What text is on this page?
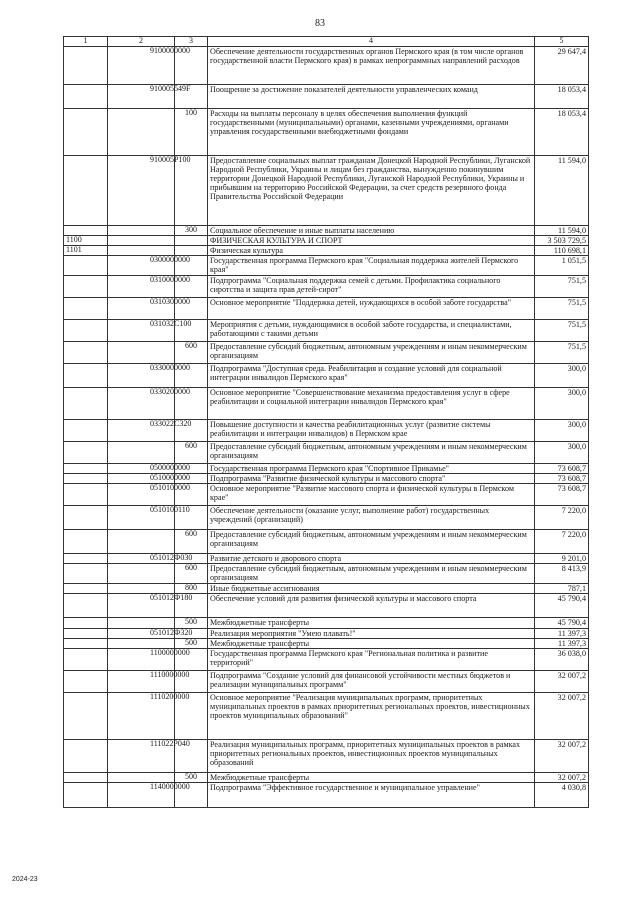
83
1	2	3	4	5
	9100000000		Обеспечение деятельности государственных органов Пермского края (в том числе органов государственной власти Пермского края) в рамках непрограммных направлений расходов	29 647,4
	910005549F		Поощрение за достижение показателей деятельности управленческих команд	18 053,4
		100	Расходы на выплаты персоналу в целях обеспечения выполнения функций государственными (муниципальными) органами, казенными учреждениями, органами управления государственными внебюджетными фондами	18 053,4
	910005P100		Предоставление социальных выплат гражданам Донецкой Народной Республики, Луганской Народной Республики, Украины и лицам без гражданства, вынужденно покинувшим территории Донецкой Народной Республики, Луганской Народной Республики, Украины и прибывшим на территорию Российской Федерации, за счет средств резервного фонда Правительства Российской Федерации	11 594,0
		300	Социальное обеспечение и иные выплаты населению	11 594,0
1100			ФИЗИЧЕСКАЯ КУЛЬТУРА И СПОРТ	3 503 729,5
1101			Физическая культура	110 698,1
	0300000000		Государственная программа Пермского края "Социальная поддержка жителей Пермского края"	1 051,5
	0310000000		Подпрограмма "Социальная поддержка семей с детьми. Профилактика социального сиротства и защита прав детей-сирот"	751,5
	0310300000		Основное мероприятие "Поддержка детей, нуждающихся в особой заботе государства"	751,5
	031032С100		Мероприятия с детьми, нуждающимися в особой заботе государства, и специалистами, работающими с такими детьми	751,5
		600	Предоставление субсидий бюджетным, автономным учреждениям и иным некоммерческим организациям	751,5
	0330000000		Подпрограмма "Доступная среда. Реабилитация и создание условий для социальной интеграции инвалидов Пермского края"	300,0
	0330200000		Основное мероприятие "Совершенствование механизма предоставления услуг в сфере реабилитации и социальной интеграции инвалидов Пермского края"	300,0
	033022С320		Повышение доступности и качества реабилитационных услуг (развитие системы реабилитации и интеграции инвалидов) в Пермском крае	300,0
		600	Предоставление субсидий бюджетным, автономным учреждениям и иным некоммерческим организациям	300,0
	0500000000		Государственная программа Пермского края "Спортивное Прикамье"	73 608,7
	0510000000		Подпрограмма "Развитие физической культуры и массового спорта"	73 608,7
	0510100000		Основное мероприятие "Развитие массового спорта и физической культуры в Пермском крае"	73 608,7
	0510100110		Обеспечение деятельности (оказание услуг, выполнение работ) государственных учреждений (организаций)	7 220,0
		600	Предоставление субсидий бюджетным, автономным учреждениям и иным некоммерческим организациям	7 220,0
	051012Ф030		Развитие детского и дворового спорта	9 201,0
		600	Предоставление субсидий бюджетным, автономным учреждениям и иным некоммерческим организациям	8 413,9
		800	Иные бюджетные ассигнования	787,1
	051012Ф180		Обеспечение условий для развития физической культуры и массового спорта	45 790,4
		500	Межбюджетные трансферты	45 790,4
	051012Ф320		Реализация мероприятия "Умею плавать!"	11 397,3
		500	Межбюджетные трансферты	11 397,3
	1100000000		Государственная программа Пермского края "Региональная политика и развитие территорий"	36 038,0
	1110000000		Подпрограмма "Создание условий для финансовой устойчивости местных бюджетов и реализации муниципальных программ"	32 007,2
	1110200000		Основное мероприятие "Реализация муниципальных программ, приоритетных муниципальных проектов в рамках приоритетных региональных проектов, инвестиционных проектов муниципальных образований"	32 007,2
	111022Р040		Реализация муниципальных программ, приоритетных муниципальных проектов в рамках приоритетных региональных проектов, инвестиционных проектов муниципальных образований	32 007,2
		500	Межбюджетные трансферты	32 007,2
	1140000000		Подпрограмма "Эффективное государственное и муниципальное управление"	4 030,8
2024-23
